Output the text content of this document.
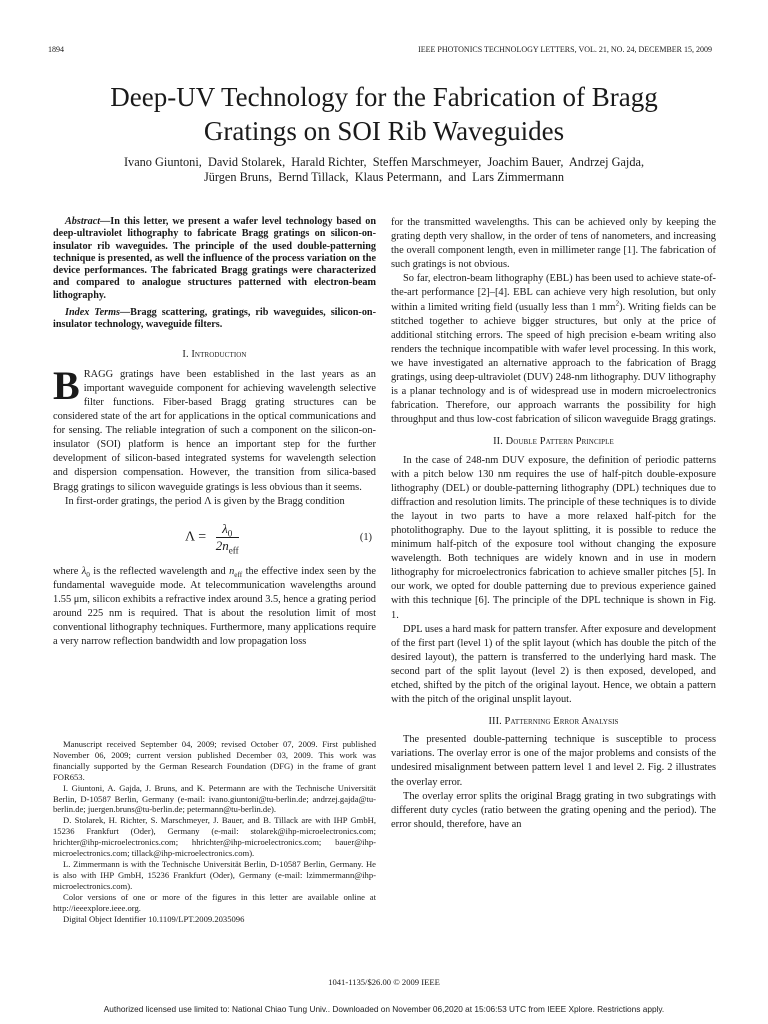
1894	IEEE PHOTONICS TECHNOLOGY LETTERS, VOL. 21, NO. 24, DECEMBER 15, 2009
Deep-UV Technology for the Fabrication of Bragg
Gratings on SOI Rib Waveguides
Ivano Giuntoni,  David Stolarek,  Harald Richter,  Steffen Marschmeyer,  Joachim Bauer,  Andrzej Gajda,
Jürgen Bruns,  Bernd Tillack,  Klaus Petermann,  and  Lars Zimmermann

Abstract—In this letter, we present a wafer level technology based on deep-ultraviolet lithography to fabricate Bragg gratings on silicon-on-insulator rib waveguides. The principle of the used double-patterning technique is presented, as well the influence of the process variation on the device performances. The fabricated Bragg gratings were characterized and compared to analogue structures patterned with electron-beam lithography.

Index Terms—Bragg scattering, gratings, rib waveguides, silicon-on-insulator technology, waveguide filters.

I. Introduction

BRAGG gratings have been established in the last years as an important waveguide component for achieving wavelength selective filter functions. Fiber-based Bragg grating structures can be considered state of the art for applications in the optical communications and for sensing. The reliable integration of such a component on the silicon-on-insulator (SOI) platform is hence an important step for the further development of silicon-based integrated systems for wavelength selection and dispersion compensation. However, the transition from silica-based Bragg gratings to silicon waveguide gratings is less obvious than it seems.

In first-order gratings, the period Λ is given by the Bragg condition

$\Lambda = \frac{\lambda_0}{2n_{eff}}$	(1)

where $\lambda_0$ is the reflected wavelength and $n_{eff}$ the effective index seen by the fundamental waveguide mode. At telecommunication wavelengths around 1.55 μm, silicon exhibits a refractive index around 3.5, hence a grating period around 225 nm is required. That is about the resolution limit of most conventional lithography techniques. Furthermore, many applications require a very narrow reflection bandwidth and low propagation loss

Manuscript received September 04, 2009; revised October 07, 2009. First published November 06, 2009; current version published December 03, 2009. This work was financially supported by the German Research Foundation (DFG) in the frame of grant FOR653.

I. Giuntoni, A. Gajda, J. Bruns, and K. Petermann are with the Technische Universität Berlin, D-10587 Berlin, Germany (e-mail: ivano.giuntoni@tu-berlin.de; andrzej.gajda@tu-berlin.de; juergen.bruns@tu-berlin.de; petermann@tu-berlin.de).

D. Stolarek, H. Richter, S. Marschmeyer, J. Bauer, and B. Tillack are with IHP GmbH, 15236 Frankfurt (Oder), Germany (e-mail: stolarek@ihp-microelectronics.com; hrichter@ihp-microelectronics.com; hhrichter@ihp-microelectronics.com; bauer@ihp-microelectronics.com; tillack@ihp-microelectronics.com).

L. Zimmermann is with the Technische Universität Berlin, D-10587 Berlin, Germany. He is also with IHP GmbH, 15236 Frankfurt (Oder), Germany (e-mail: lzimmermann@ihp-microelectronics.com).

Color versions of one or more of the figures in this letter are available online at http://ieeexplore.ieee.org.

Digital Object Identifier 10.1109/LPT.2009.2035096

for the transmitted wavelengths. This can be achieved only by keeping the grating depth very shallow, in the order of tens of nanometers, and increasing the overall component length, even in millimeter range [1]. The fabrication of such gratings is not obvious.

So far, electron-beam lithography (EBL) has been used to achieve state-of-the-art performance [2]–[4]. EBL can achieve very high resolution, but only within a limited writing field (usually less than 1 $mm^2$). Writing fields can be stitched together to achieve bigger structures, but only at the price of additional stitching errors. The speed of high precision e-beam writing also renders the technique incompatible with wafer level processing. In this work, we have investigated an alternative approach to the fabrication of Bragg gratings, using deep-ultraviolet (DUV) 248-nm lithography. DUV lithography is a planar technology and is of widespread use in modern microelectronics fabrication. Therefore, our approach warrants the possibility for high throughput and thus low-cost fabrication of silicon waveguide Bragg gratings.

II. Double Pattern Principle

In the case of 248-nm DUV exposure, the definition of periodic patterns with a pitch below 130 nm requires the use of half-pitch double-exposure lithography (DEL) or double-patterning lithography (DPL) techniques due to diffraction and resolution limits. The principle of these techniques is to divide the layout in two parts to have a more relaxed half-pitch for the photolithography. Due to the layout splitting, it is possible to reduce the minimum half-pitch of the exposure tool without changing the exposure wavelength. Both techniques are widely known and in use in modern lithography for microelectronics fabrication to achieve smaller pitches [5]. In our work, we opted for double patterning due to previous experience gained with this technique [6]. The principle of the DPL technique is shown in Fig. 1.

DPL uses a hard mask for pattern transfer. After exposure and development of the first part (level 1) of the split layout (which has double the pitch of the desired layout), the pattern is transferred to the underlying hard mask. The second part of the split layout (level 2) is then exposed, developed, and etched, shifted by the pitch of the original layout. Hence, we obtain a pattern with the pitch of the original unsplit layout.

III. Patterning Error Analysis

The presented double-patterning technique is susceptible to process variations. The overlay error is one of the major problems and consists of the undesired misalignment between pattern level 1 and level 2. Fig. 2 illustrates the overlay error.

The overlay error splits the original Bragg grating in two subgratings with different duty cycles (ratio between the grating opening and the period). The error should, therefore, have an

1041-1135/$26.00 © 2009 IEEE
Authorized licensed use limited to: National Chiao Tung Univ.. Downloaded on November 06,2020 at 15:06:53 UTC from IEEE Xplore. Restrictions apply.
